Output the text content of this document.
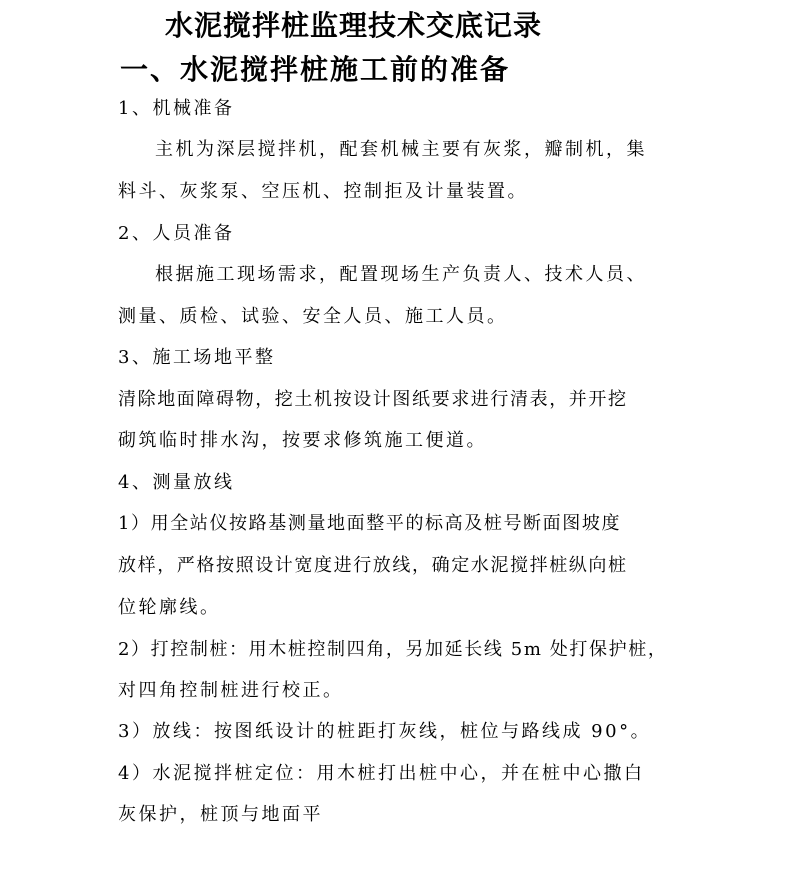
水泥搅拌桩监理技术交底记录
一、水泥搅拌桩施工前的准备
1、机械准备
主机为深层搅拌机，配套机械主要有灰浆，瓣制机，集
料斗、灰浆泵、空压机、控制拒及计量装置。
2、人员准备
根据施工现场需求，配置现场生产负责人、技术人员、
测量、质检、试验、安全人员、施工人员。
3、施工场地平整
清除地面障碍物，挖土机按设计图纸要求进行清表，并开挖
砌筑临时排水沟，按要求修筑施工便道。
4、测量放线
1）用全站仪按路基测量地面整平的标高及桩号断面图坡度
放样，严格按照设计宽度进行放线，确定水泥搅拌桩纵向桩
位轮廓线。
2）打控制桩：用木桩控制四角，另加延长线 5m 处打保护桩，
对四角控制桩进行校正。
3）放线：按图纸设计的桩距打灰线，桩位与路线成 90°。
4）水泥搅拌桩定位：用木桩打出桩中心，并在桩中心撒白
灰保护，桩顶与地面平
